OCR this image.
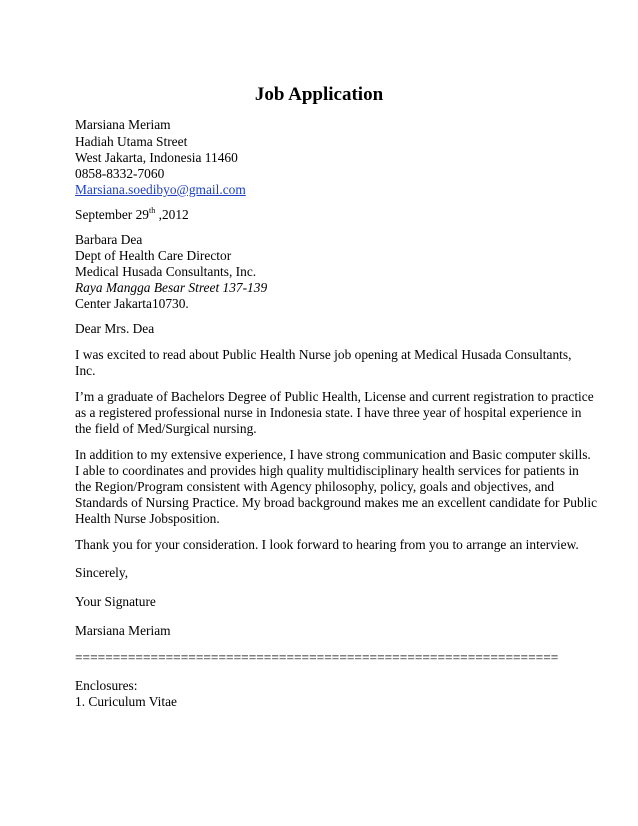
Job Application
Marsiana Meriam
Hadiah Utama Street
West Jakarta, Indonesia 11460
0858-8332-7060
Marsiana.soedibyo@gmail.com
September 29th ,2012
Barbara Dea
Dept of Health Care Director
Medical Husada Consultants, Inc.
Raya Mangga Besar Street 137-139
Center Jakarta10730.
Dear Mrs. Dea
I was excited to read about Public Health Nurse job opening at Medical Husada Consultants,
Inc.
I’m a graduate of Bachelors Degree of Public Health, License and current registration to practice
as a registered professional nurse in Indonesia state. I have three year of hospital experience in
the field of Med/Surgical nursing.
In addition to my extensive experience, I have strong communication and Basic computer skills.
I able to coordinates and provides high quality multidisciplinary health services for patients in
the Region/Program consistent with Agency philosophy, policy, goals and objectives, and
Standards of Nursing Practice. My broad background makes me an excellent candidate for Public
Health Nurse Jobsposition.
Thank you for your consideration. I look forward to hearing from you to arrange an interview.
Sincerely,
Your Signature
Marsiana Meriam
================================================================
Enclosures:
1. Curiculum Vitae
